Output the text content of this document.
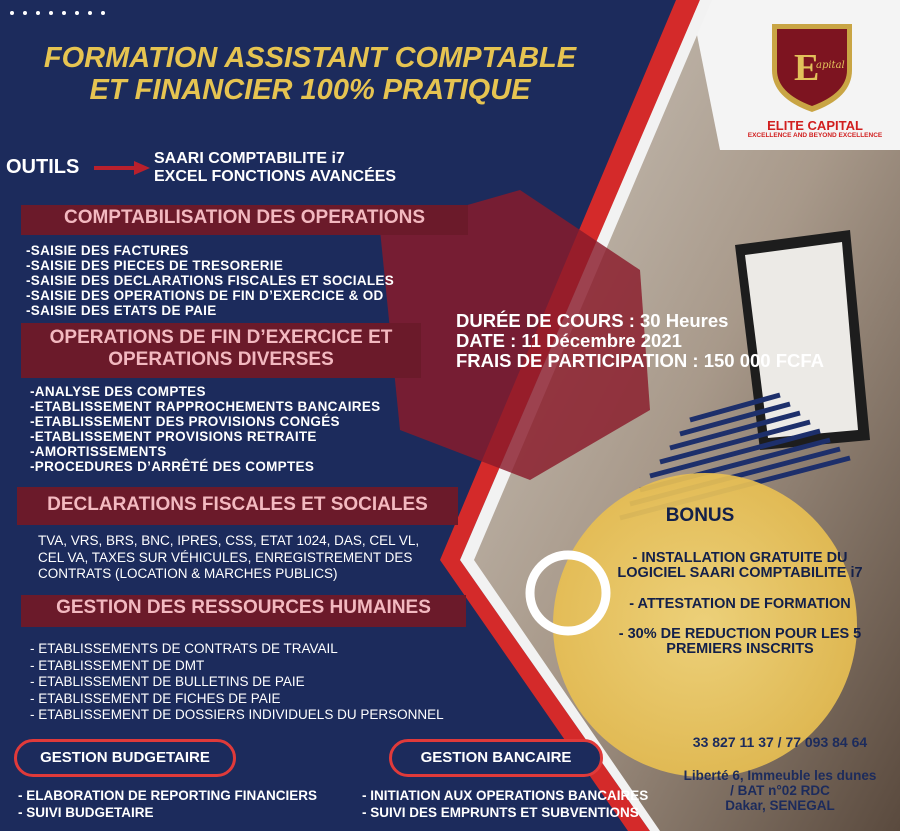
FORMATION ASSISTANT COMPTABLE
ET FINANCIER 100% PRATIQUE
E
apital
ELITE CAPITAL
EXCELLENCE AND BEYOND EXCELLENCE
OUTILS	SAARI COMPTABILITE i7
EXCEL FONCTIONS AVANCÉES
COMPTABILISATION DES OPERATIONS
-SAISIE DES FACTURES
-SAISIE DES PIECES DE TRESORERIE
-SAISIE DES DECLARATIONS FISCALES ET SOCIALES
-SAISIE DES OPERATIONS DE FIN D’EXERCICE & OD
-SAISIE DES ETATS DE PAIE
OPERATIONS DE FIN D’EXERCICE ET
OPERATIONS DIVERSES
-ANALYSE DES COMPTES
-ETABLISSEMENT RAPPROCHEMENTS BANCAIRES
-ETABLISSEMENT DES PROVISIONS CONGÉS
-ETABLISSEMENT PROVISIONS RETRAITE
-AMORTISSEMENTS
-PROCEDURES D’ARRÊTÉ DES COMPTES
DECLARATIONS FISCALES ET SOCIALES
TVA, VRS, BRS, BNC, IPRES, CSS, ETAT 1024, DAS, CEL VL,
CEL VA, TAXES SUR VÉHICULES, ENREGISTREMENT DES
CONTRATS (LOCATION & MARCHES PUBLICS)
GESTION DES RESSOURCES HUMAINES
- ETABLISSEMENTS DE CONTRATS DE TRAVAIL
- ETABLISSEMENT DE DMT
- ETABLISSEMENT DE BULLETINS DE PAIE
- ETABLISSEMENT DE FICHES DE PAIE
- ETABLISSEMENT DE DOSSIERS INDIVIDUELS DU PERSONNEL
DURÉE DE COURS : 30 Heures
DATE : 11 Décembre 2021
FRAIS DE PARTICIPATION : 150 000 FCFA
BONUS
- INSTALLATION GRATUITE DU
LOGICIEL SAARI COMPTABILITE i7
- ATTESTATION DE FORMATION
- 30% DE REDUCTION POUR LES 5
PREMIERS INSCRITS
GESTION BUDGETAIRE
- ELABORATION DE REPORTING FINANCIERS
- SUIVI BUDGETAIRE
GESTION BANCAIRE
- INITIATION AUX OPERATIONS BANCAIRES
- SUIVI DES EMPRUNTS ET SUBVENTIONS
33 827 11 37 / 77 093 84 64
Liberté 6, Immeuble les dunes
/ BAT n°02 RDC
Dakar, SENEGAL
